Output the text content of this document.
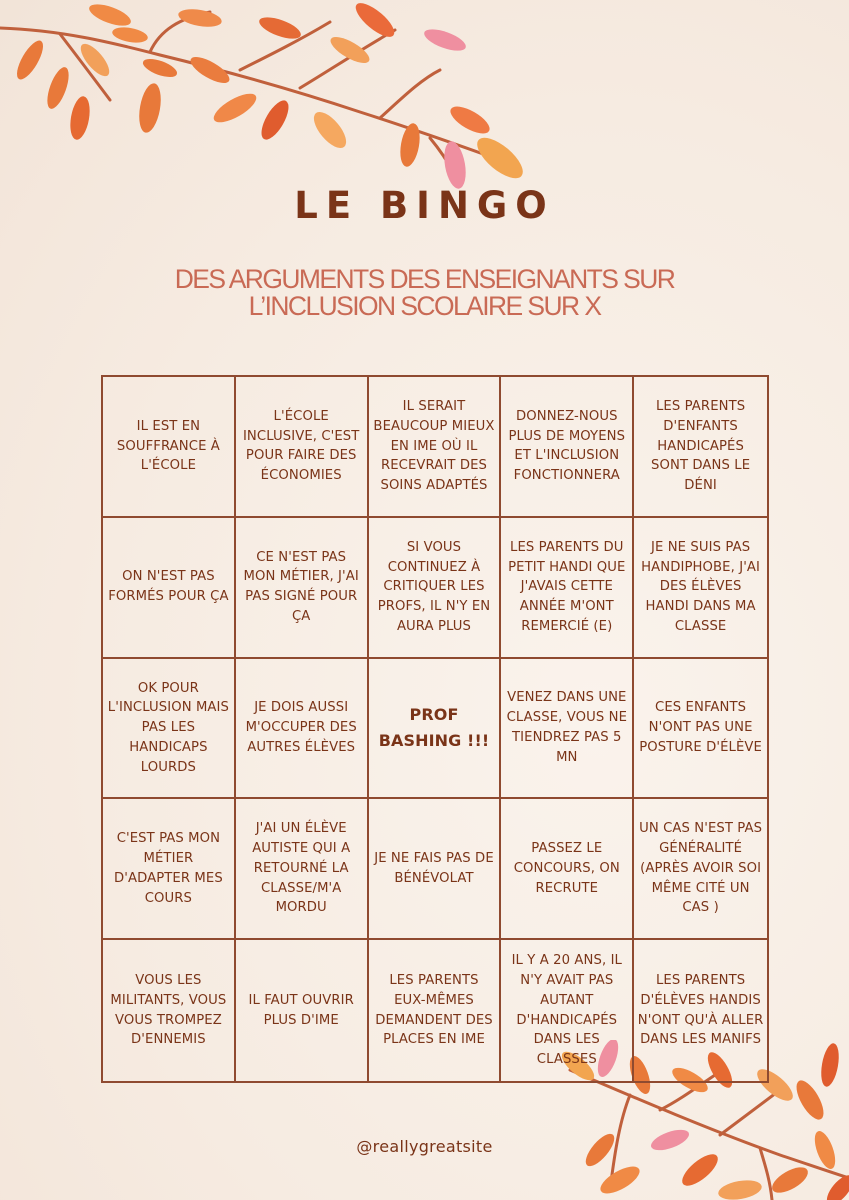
LE BINGO
DES ARGUMENTS DES ENSEIGNANTS SUR
L’INCLUSION SCOLAIRE SUR X
IL EST EN SOUFFRANCE À L'ÉCOLE
L'ÉCOLE INCLUSIVE, C'EST POUR FAIRE DES ÉCONOMIES
IL SERAIT BEAUCOUP MIEUX EN IME OÙ IL RECEVRAIT DES SOINS ADAPTÉS
DONNEZ-NOUS PLUS DE MOYENS ET L'INCLUSION FONCTIONNERA
LES PARENTS D'ENFANTS HANDICAPÉS SONT DANS LE DÉNI
ON N'EST PAS FORMÉS POUR ÇA
CE N'EST PAS MON MÉTIER, J'AI PAS SIGNÉ POUR ÇA
SI VOUS CONTINUEZ À CRITIQUER LES PROFS, IL N'Y EN AURA PLUS
LES PARENTS DU PETIT HANDI QUE J'AVAIS CETTE ANNÉE M'ONT REMERCIÉ (E)
JE NE SUIS PAS HANDIPHOBE, J'AI DES ÉLÈVES HANDI DANS MA CLASSE
OK POUR L'INCLUSION MAIS PAS LES HANDICAPS LOURDS
JE DOIS AUSSI M'OCCUPER DES AUTRES ÉLÈVES
PROF BASHING !!!
VENEZ DANS UNE CLASSE, VOUS NE TIENDREZ PAS 5 MN
CES ENFANTS N'ONT PAS UNE POSTURE D'ÉLÈVE
C'EST PAS MON MÉTIER D'ADAPTER MES COURS
J'AI UN ÉLÈVE AUTISTE QUI A RETOURNÉ LA CLASSE/M'A MORDU
JE NE FAIS PAS DE BÉNÉVOLAT
PASSEZ LE CONCOURS, ON RECRUTE
UN CAS N'EST PAS GÉNÉRALITÉ (APRÈS AVOIR SOI MÊME CITÉ UN CAS )
VOUS LES MILITANTS, VOUS VOUS TROMPEZ D'ENNEMIS
IL FAUT OUVRIR PLUS D'IME
LES PARENTS EUX-MÊMES DEMANDENT DES PLACES EN IME
IL Y A 20 ANS, IL N'Y AVAIT PAS AUTANT D'HANDICAPÉS DANS LES CLASSES
LES PARENTS D'ÉLÈVES HANDIS N'ONT QU'À ALLER DANS LES MANIFS
@reallygreatsite
